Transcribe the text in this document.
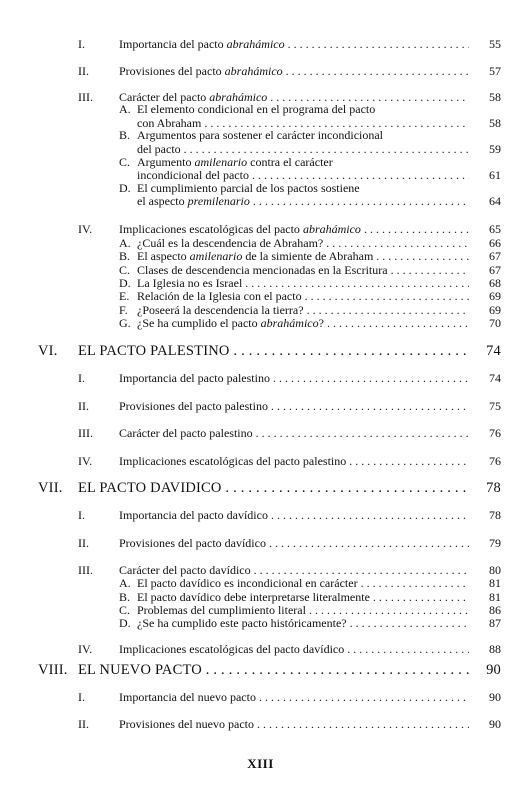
I.	Importancia del pacto abrahámico . . .	55
II.	Provisiones del pacto abrahámico . . .	57
III. Carácter del pacto abrahámico . . .	58
A. El elemento condicional en el programa del pacto
con Abraham . . .	58
B. Argumentos para sostener el carácter incondicional
del pacto . . .	59
C. Argumento amilenario contra el carácter
incondicional del pacto . . .	61
D. El cumplimiento parcial de los pactos sostiene
el aspecto premilenario . . .	64
IV. Implicaciones escatológicas del pacto abrahámico . . .	65
A. ¿Cuál es la descendencia de Abraham? . . .	66
B. El aspecto amilenario de la simiente de Abraham . . .	67
C. Clases de descendencia mencionadas en la Escritura . . .	67
D. La Iglesia no es Israel . . .	68
E. Relación de la Iglesia con el pacto . . .	69
F. ¿Poseerá la descendencia la tierra? . . .	69
G. ¿Se ha cumplido el pacto abrahámico? . . .	70
VI. EL PACTO PALESTINO . . .	74
I.	Importancia del pacto palestino . . .	74
II.	Provisiones del pacto palestino . . .	75
III. Carácter del pacto palestino . . .	76
IV. Implicaciones escatológicas del pacto palestino . . .	76
VII. EL PACTO DAVIDICO . . .	78
I.	Importancia del pacto davídico . . .	78
II.	Provisiones del pacto davídico . . .	79
III. Carácter del pacto davídico . . .	80
A. El pacto davídico es incondicional en carácter . . .	81
B. El pacto davídico debe interpretarse literalmente . . .	81
C. Problemas del cumplimiento literal . . .	86
D. ¿Se ha cumplido este pacto históricamente? . . .	87
IV. Implicaciones escatológicas del pacto davídico . . .	88
VIII. EL NUEVO PACTO . . .	90
I.	Importancia del nuevo pacto . . .	90
II.	Provisiones del nuevo pacto . . .	90
XIII
